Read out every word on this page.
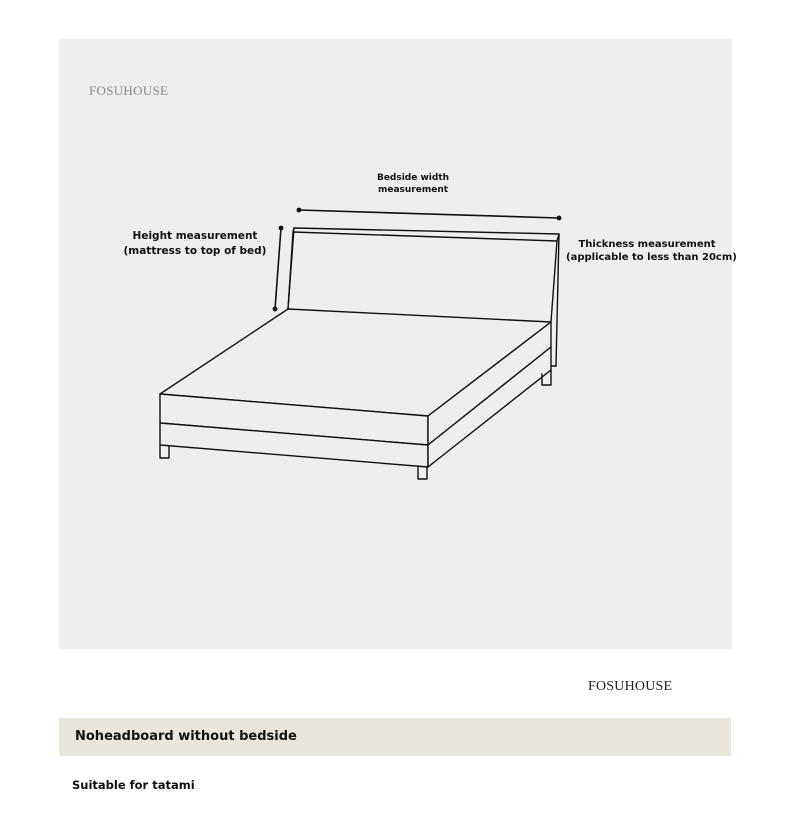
FOSUHOUSE
Bedside width
measurement
Height measurement
(mattress to top of bed)
Thickness measurement
(applicable to less than 20cm)
FOSUHOUSE
Noheadboard without bedside
Suitable for tatami
